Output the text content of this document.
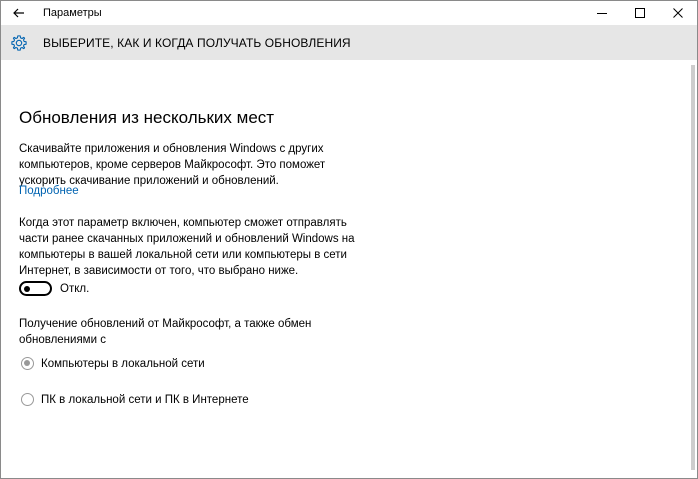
Параметры
ВЫБЕРИТЕ, КАК И КОГДА ПОЛУЧАТЬ ОБНОВЛЕНИЯ
Обновления из нескольких мест
Скачивайте приложения и обновления Windows с других
компьютеров, кроме серверов Майкрософт. Это поможет
ускорить скачивание приложений и обновлений.
Подробнее
Когда этот параметр включен, компьютер сможет отправлять
части ранее скачанных приложений и обновлений Windows на
компьютеры в вашей локальной сети или компьютеры в сети
Интернет, в зависимости от того, что выбрано ниже.
Откл.
Получение обновлений от Майкрософт, а также обмен
обновлениями с
Компьютеры в локальной сети
ПК в локальной сети и ПК в Интернете
